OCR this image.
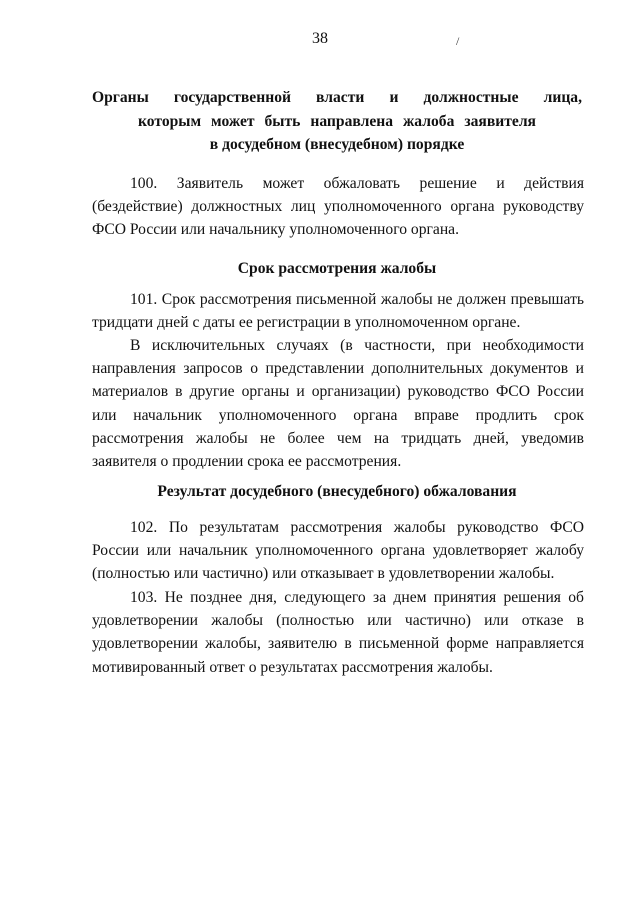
38	/
Органы государственной власти и должностные лица,
которым может быть направлена жалоба заявителя
в досудебном (внесудебном) порядке

100. Заявитель может обжаловать решение и действия (бездействие) должностных лиц уполномоченного органа руководству ФСО России или начальнику уполномоченного органа.

Срок рассмотрения жалобы

101. Срок рассмотрения письменной жалобы не должен превышать тридцати дней с даты ее регистрации в уполномоченном органе.

В исключительных случаях (в частности, при необходимости направления запросов о представлении дополнительных документов и материалов в другие органы и организации) руководство ФСО России или начальник уполномоченного органа вправе продлить срок рассмотрения жалобы не более чем на тридцать дней, уведомив заявителя о продлении срока ее рассмотрения.

Результат досудебного (внесудебного) обжалования

102. По результатам рассмотрения жалобы руководство ФСО России или начальник уполномоченного органа удовлетворяет жалобу (полностью или частично) или отказывает в удовлетворении жалобы.

103. Не позднее дня, следующего за днем принятия решения об удовлетворении жалобы (полностью или частично) или отказе в удовлетворении жалобы, заявителю в письменной форме направляется мотивированный ответ о результатах рассмотрения жалобы.
